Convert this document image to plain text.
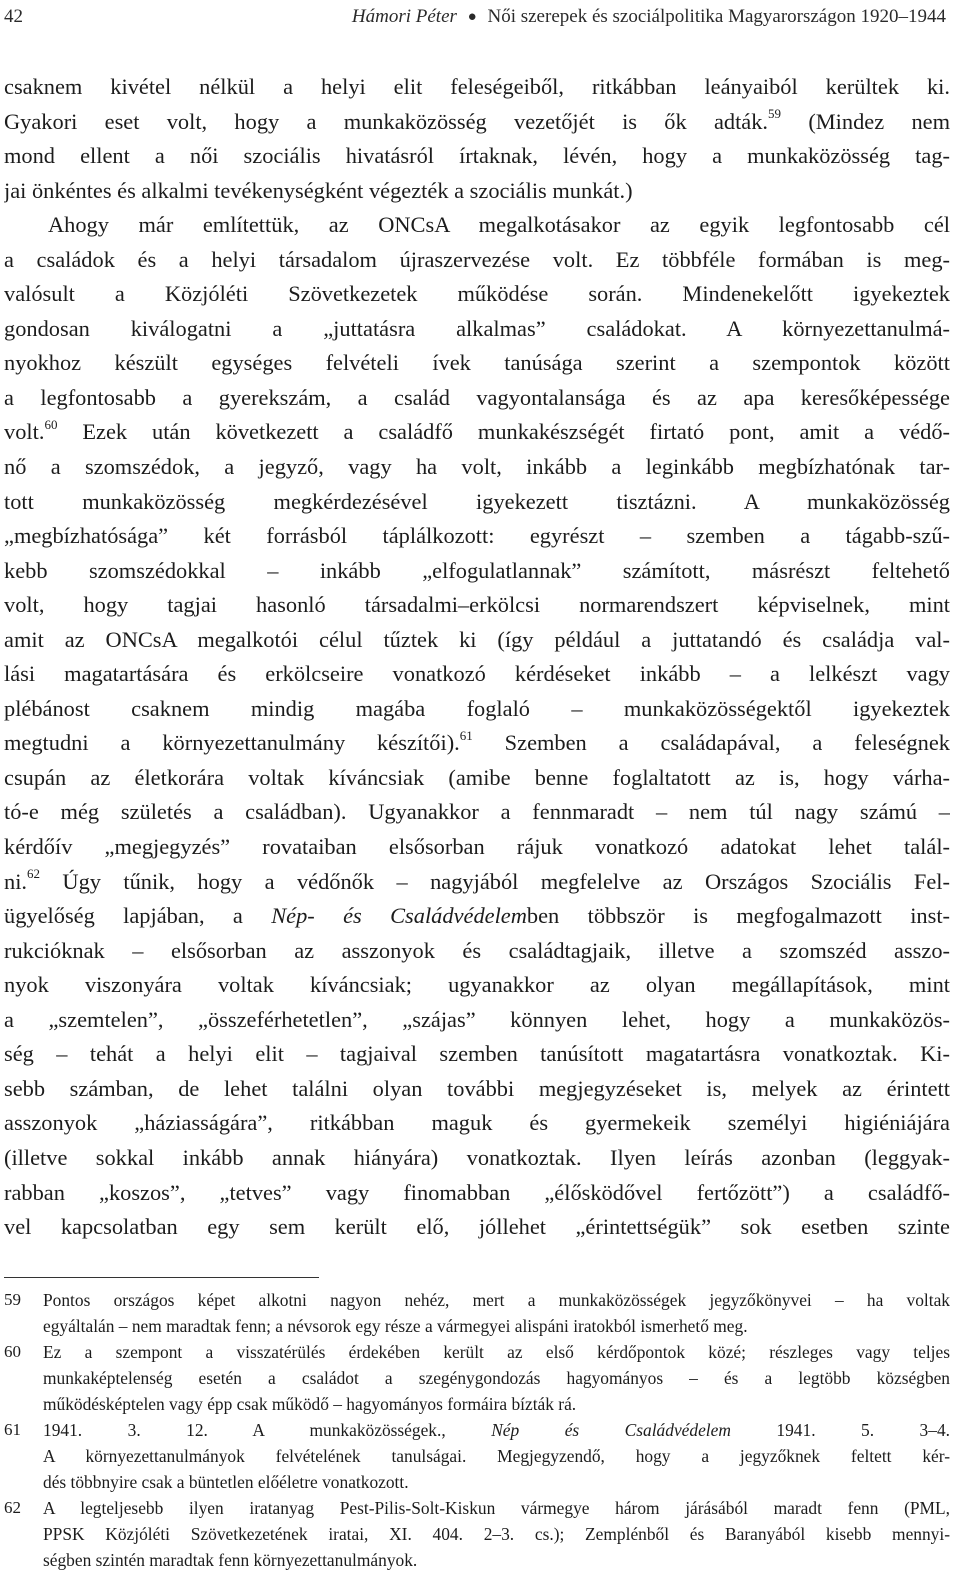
42	Hámori Péter ● Női szerepek és szociálpolitika Magyarországon 1920–1944
csaknem kivétel nélkül a helyi elit feleségeiből, ritkábban leányaiból kerültek ki.
Gyakori eset volt, hogy a munkaközösség vezetőjét is ők adták.$^{59}$ (Mindez nem
mond ellent a női szociális hivatásról írtaknak, lévén, hogy a munkaközösség tag-
jai önkéntes és alkalmi tevékenységként végezték a szociális munkát.)
Ahogy már említettük, az ONCsA megalkotásakor az egyik legfontosabb cél
a családok és a helyi társadalom újraszervezése volt. Ez többféle formában is meg-
valósult a Közjóléti Szövetkezetek működése során. Mindenekelőtt igyekeztek
gondosan kiválogatni a „juttatásra alkalmas” családokat. A környezettanulmá-
nyokhoz készült egységes felvételi ívek tanúsága szerint a szempontok között
a legfontosabb a gyerekszám, a család vagyontalansága és az apa keresőképessége
volt.$^{60}$ Ezek után következett a családfő munkakészségét firtató pont, amit a védő-
nő a szomszédok, a jegyző, vagy ha volt, inkább a leginkább megbízhatónak tar-
tott munkaközösség megkérdezésével igyekezett tisztázni. A munkaközösség
„megbízhatósága” két forrásból táplálkozott: egyrészt – szemben a tágabb-szű-
kebb szomszédokkal – inkább „elfogulatlannak” számított, másrészt feltehető
volt, hogy tagjai hasonló társadalmi–erkölcsi normarendszert képviselnek, mint
amit az ONCsA megalkotói célul tűztek ki (így például a juttatandó és családja val-
lási magatartására és erkölcseire vonatkozó kérdéseket inkább – a lelkészt vagy
plébánost csaknem mindig magába foglaló – munkaközösségektől igyekeztek
megtudni a környezettanulmány készítői).$^{61}$ Szemben a családapával, a feleségnek
csupán az életkorára voltak kíváncsiak (amibe benne foglaltatott az is, hogy várha-
tó-e még születés a családban). Ugyanakkor a fennmaradt – nem túl nagy számú –
kérdőív „megjegyzés” rovataiban elsősorban rájuk vonatkozó adatokat lehet talál-
ni.$^{62}$ Úgy tűnik, hogy a védőnők – nagyjából megfelelve az Országos Szociális Fel-
ügyelőség lapjában, a Nép- és Családvédelemben többször is megfogalmazott inst-
rukcióknak – elsősorban az asszonyok és családtagjaik, illetve a szomszéd asszo-
nyok viszonyára voltak kíváncsiak; ugyanakkor az olyan megállapítások, mint
a „szemtelen”, „összeférhetetlen”, „szájas” könnyen lehet, hogy a munkaközös-
ség – tehát a helyi elit – tagjaival szemben tanúsított magatartásra vonatkoztak. Ki-
sebb számban, de lehet találni olyan további megjegyzéseket is, melyek az érintett
asszonyok „háziasságára”, ritkábban maguk és gyermekeik személyi higiéniájára
(illetve sokkal inkább annak hiányára) vonatkoztak. Ilyen leírás azonban (leggyak-
rabban „koszos”, „tetves” vagy finomabban „élősködővel fertőzött”) a családfő-
vel kapcsolatban egy sem került elő, jóllehet „érintettségük” sok esetben szinte
59 Pontos országos képet alkotni nagyon nehéz, mert a munkaközösségek jegyzőkönyvei – ha voltak
egyáltalán – nem maradtak fenn; a névsorok egy része a vármegyei alispáni iratokból ismerhető meg.
60 Ez a szempont a visszatérülés érdekében került az első kérdőpontok közé; részleges vagy teljes
munkaképtelenség esetén a családot a szegénygondozás hagyományos – és a legtöbb községben
működésképtelen vagy épp csak működő – hagyományos formáira bízták rá.
61 1941. 3. 12. A munkaközösségek., Nép és Családvédelem 1941. 5. 3–4.
A környezettanulmányok felvételének tanulságai. Megjegyzendő, hogy a jegyzőknek feltett kér-
dés többnyire csak a büntetlen előéletre vonatkozott.
62 A legteljesebb ilyen iratanyag Pest-Pilis-Solt-Kiskun vármegye három járásából maradt fenn (PML,
PPSK Közjóléti Szövetkezetének iratai, XI. 404. 2–3. cs.); Zemplénből és Baranyából kisebb mennyi-
ségben szintén maradtak fenn környezettanulmányok.
